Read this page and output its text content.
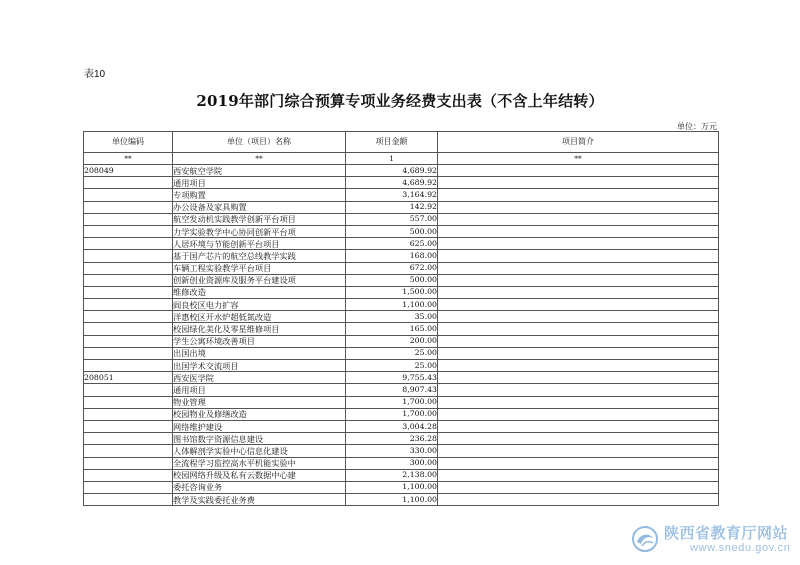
表10
2019年部门综合预算专项业务经费支出表（不含上年结转）
单位：万元
单位编码	单位（项目）名称	项目金额	项目简介
**	**	1	**
208049	西安航空学院	4,689.92	
	通用项目	4,689.92	
	专项购置	3,164.92	
	办公设备及家具购置	142.92	
	航空发动机实践教学创新平台项目	557.00	
	力学实验教学中心协同创新平台项	500.00	
	人居环境与节能创新平台项目	625.00	
	基于国产芯片的航空总线教学实践	168.00	
	车辆工程实验教学平台项目	672.00	
	创新创业资源库及服务平台建设项	500.00	
	维修改造	1,500.00	
	阎良校区电力扩容	1,100.00	
	洋惠校区开水炉超低氮改造	35.00	
	校园绿化美化及零星维修项目	165.00	
	学生公寓环境改善项目	200.00	
	出国出境	25.00	
	出国学术交流项目	25.00	
208051	西安医学院	9,755.43	
	通用项目	8,907.43	
	物业管理	1,700.00	
	校园物业及修缮改造	1,700.00	
	网络维护建设	3,004.28	
	图书馆数字资源信息建设	236.28	
	人体解剖学实验中心信息化建设	330.00	
	全流程学习监控高水平机能实验中	300.00	
	校园网络升级及私有云数据中心建	2,138.00	
	委托咨询业务	1,100.00	
	教学及实践委托业务费	1,100.00	
陕西省教育厅网站
www.snedu.gov.cn
